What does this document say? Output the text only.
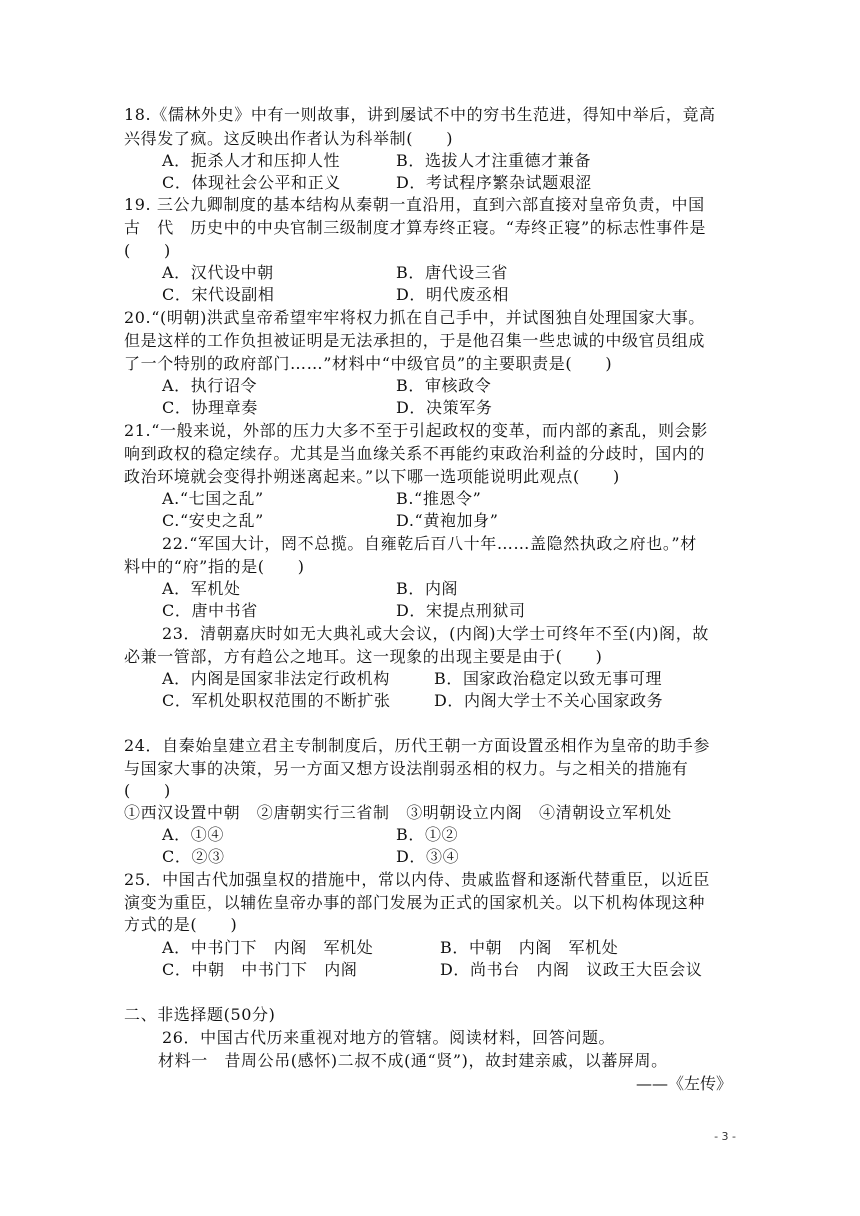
18.《儒林外史》中有一则故事，讲到屡试不中的穷书生范进，得知中举后，竟高
兴得发了疯。这反映出作者认为科举制(　　)
A．扼杀人才和压抑人性	B．选拔人才注重德才兼备
C．体现社会公平和正义	D．考试程序繁杂试题艰涩
19. 三公九卿制度的基本结构从秦朝一直沿用，直到六部直接对皇帝负责，中国
古　代　历史中的中央官制三级制度才算寿终正寝。“寿终正寝”的标志性事件是
(　　)
A．汉代设中朝	B．唐代设三省
C．宋代设副相	D．明代废丞相
20.“(明朝)洪武皇帝希望牢牢将权力抓在自己手中，并试图独自处理国家大事。
但是这样的工作负担被证明是无法承担的，于是他召集一些忠诚的中级官员组成
了一个特别的政府部门……”材料中“中级官员”的主要职责是(　　)
A．执行诏令	B．审核政令
C．协理章奏	D．决策军务
21.“一般来说，外部的压力大多不至于引起政权的变革，而内部的紊乱，则会影
响到政权的稳定续存。尤其是当血缘关系不再能约束政治利益的分歧时，国内的
政治环境就会变得扑朔迷离起来。”以下哪一选项能说明此观点(　　)
A.“七国之乱”	B.“推恩令”
C.“安史之乱”	D.“黄袍加身”
22.“军国大计，罔不总揽。自雍乾后百八十年……盖隐然执政之府也。”材
料中的“府”指的是(　　)
A．军机处	B．内阁
C．唐中书省	D．宋提点刑狱司
23．清朝嘉庆时如无大典礼或大会议，(内阁)大学士可终年不至(内)阁，故
必兼一管部，方有趋公之地耳。这一现象的出现主要是由于(　　)
A．内阁是国家非法定行政机构	B．国家政治稳定以致无事可理
C．军机处职权范围的不断扩张	D．内阁大学士不关心国家政务
24．自秦始皇建立君主专制制度后，历代王朝一方面设置丞相作为皇帝的助手参
与国家大事的决策，另一方面又想方设法削弱丞相的权力。与之相关的措施有
(　　)
①西汉设置中朝　②唐朝实行三省制　③明朝设立内阁　④清朝设立军机处
A．①④	B．①②
C．②③	D．③④
25．中国古代加强皇权的措施中，常以内侍、贵戚监督和逐渐代替重臣，以近臣
演变为重臣，以辅佐皇帝办事的部门发展为正式的国家机关。以下机构体现这种
方式的是(　　)
A．中书门下　内阁　军机处	B．中朝　内阁　军机处
C．中朝　中书门下　内阁	D．尚书台　内阁　议政王大臣会议
二、非选择题(50分)
26．中国古代历来重视对地方的管辖。阅读材料，回答问题。
材料一　昔周公吊(感怀)二叔不成(通“贤”)，故封建亲戚，以蕃屏周。
——《左传》
- 3 -
